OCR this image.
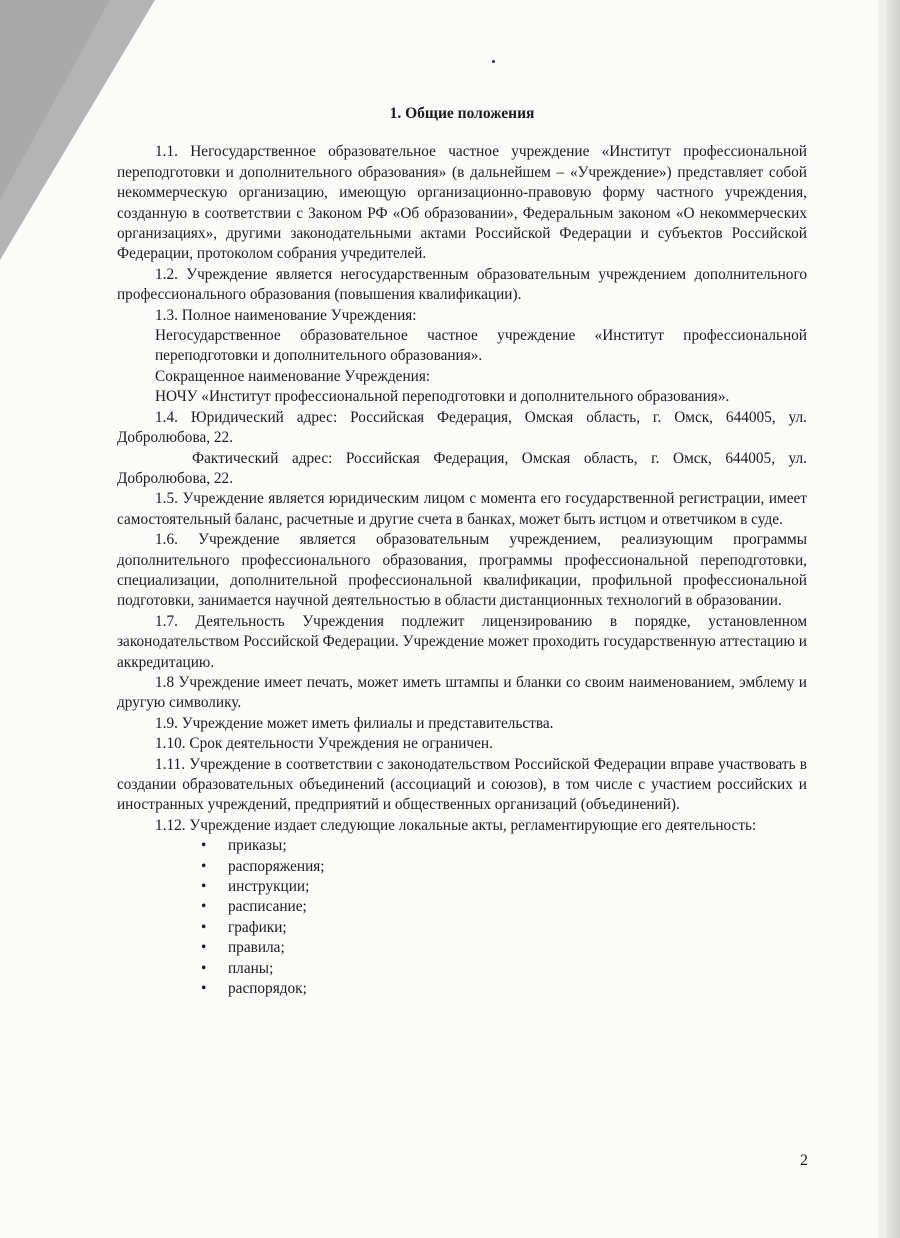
1. Общие положения

1.1. Негосударственное образовательное частное учреждение «Институт профессиональной переподготовки и дополнительного образования» (в дальнейшем – «Учреждение») представляет собой некоммерческую организацию, имеющую организационно-правовую форму частного учреждения, созданную в соответствии с Законом РФ «Об образовании», Федеральным законом «О некоммерческих организациях», другими законодательными актами Российской Федерации и субъектов Российской Федерации, протоколом собрания учредителей.

1.2. Учреждение является негосударственным образовательным учреждением дополнительного профессионального образования (повышения квалификации).

1.3. Полное наименование Учреждения:

Негосударственное образовательное частное учреждение «Институт профессиональной переподготовки и дополнительного образования».

Сокращенное наименование Учреждения:

НОЧУ «Институт профессиональной переподготовки и дополнительного образования».

1.4. Юридический адрес: Российская Федерация, Омская область, г. Омск, 644005, ул. Добролюбова, 22.

Фактический адрес: Российская Федерация, Омская область, г. Омск, 644005, ул. Добролюбова, 22.

1.5. Учреждение является юридическим лицом с момента его государственной регистрации, имеет самостоятельный баланс, расчетные и другие счета в банках, может быть истцом и ответчиком в суде.

1.6. Учреждение является образовательным учреждением, реализующим программы дополнительного профессионального образования, программы профессиональной переподготовки, специализации, дополнительной профессиональной квалификации, профильной профессиональной подготовки, занимается научной деятельностью в области дистанционных технологий в образовании.

1.7. Деятельность Учреждения подлежит лицензированию в порядке, установленном законодательством Российской Федерации. Учреждение может проходить государственную аттестацию и аккредитацию.

1.8 Учреждение имеет печать, может иметь штампы и бланки со своим наименованием, эмблему и другую символику.

1.9. Учреждение может иметь филиалы и представительства.

1.10. Срок деятельности Учреждения не ограничен.

1.11. Учреждение в соответствии с законодательством Российской Федерации вправе участвовать в создании образовательных объединений (ассоциаций и союзов), в том числе с участием российских и иностранных учреждений, предприятий и общественных организаций (объединений).

1.12. Учреждение издает следующие локальные акты, регламентирующие его деятельность:

• приказы;
• распоряжения;
• инструкции;
• расписание;
• графики;
• правила;
• планы;
• распорядок;
2
